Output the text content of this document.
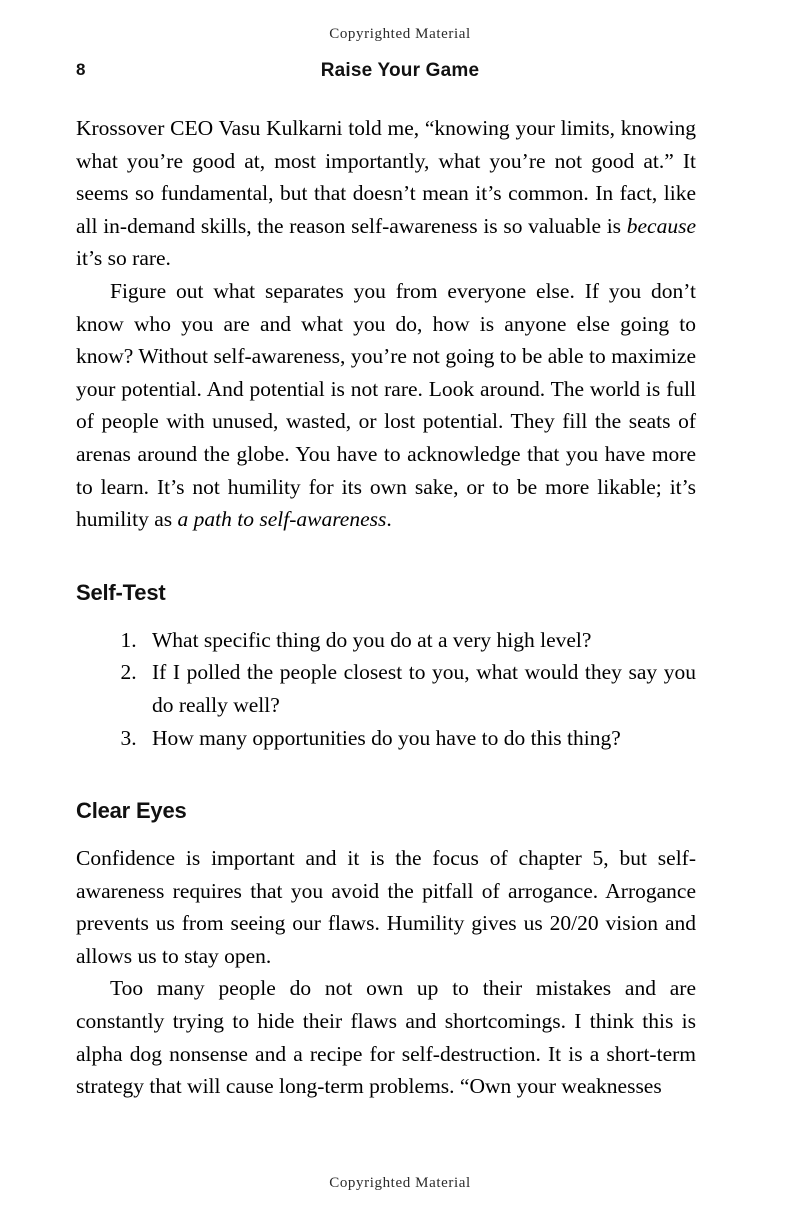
Copyrighted Material
8	Raise Your Game

Krossover CEO Vasu Kulkarni told me, “knowing your limits, knowing what you’re good at, most importantly, what you’re not good at.” It seems so fundamental, but that doesn’t mean it’s common. In fact, like all in-demand skills, the reason self-awareness is so valuable is because it’s so rare.

Figure out what separates you from everyone else. If you don’t know who you are and what you do, how is anyone else going to know? Without self-awareness, you’re not going to be able to maximize your potential. And potential is not rare. Look around. The world is full of people with unused, wasted, or lost potential. They fill the seats of arenas around the globe. You have to acknowledge that you have more to learn. It’s not humility for its own sake, or to be more likable; it’s humility as a path to self-awareness.

Self-Test
1. What specific thing do you do at a very high level?
2. If I polled the people closest to you, what would they say you do really well?
3. How many opportunities do you have to do this thing?
Clear Eyes

Confidence is important and it is the focus of chapter 5, but self-awareness requires that you avoid the pitfall of arrogance. Arrogance prevents us from seeing our flaws. Humility gives us 20/20 vision and allows us to stay open.

Too many people do not own up to their mistakes and are constantly trying to hide their flaws and shortcomings. I think this is alpha dog nonsense and a recipe for self-destruction. It is a short-term strategy that will cause long-term problems. “Own your weaknesses

Copyrighted Material
